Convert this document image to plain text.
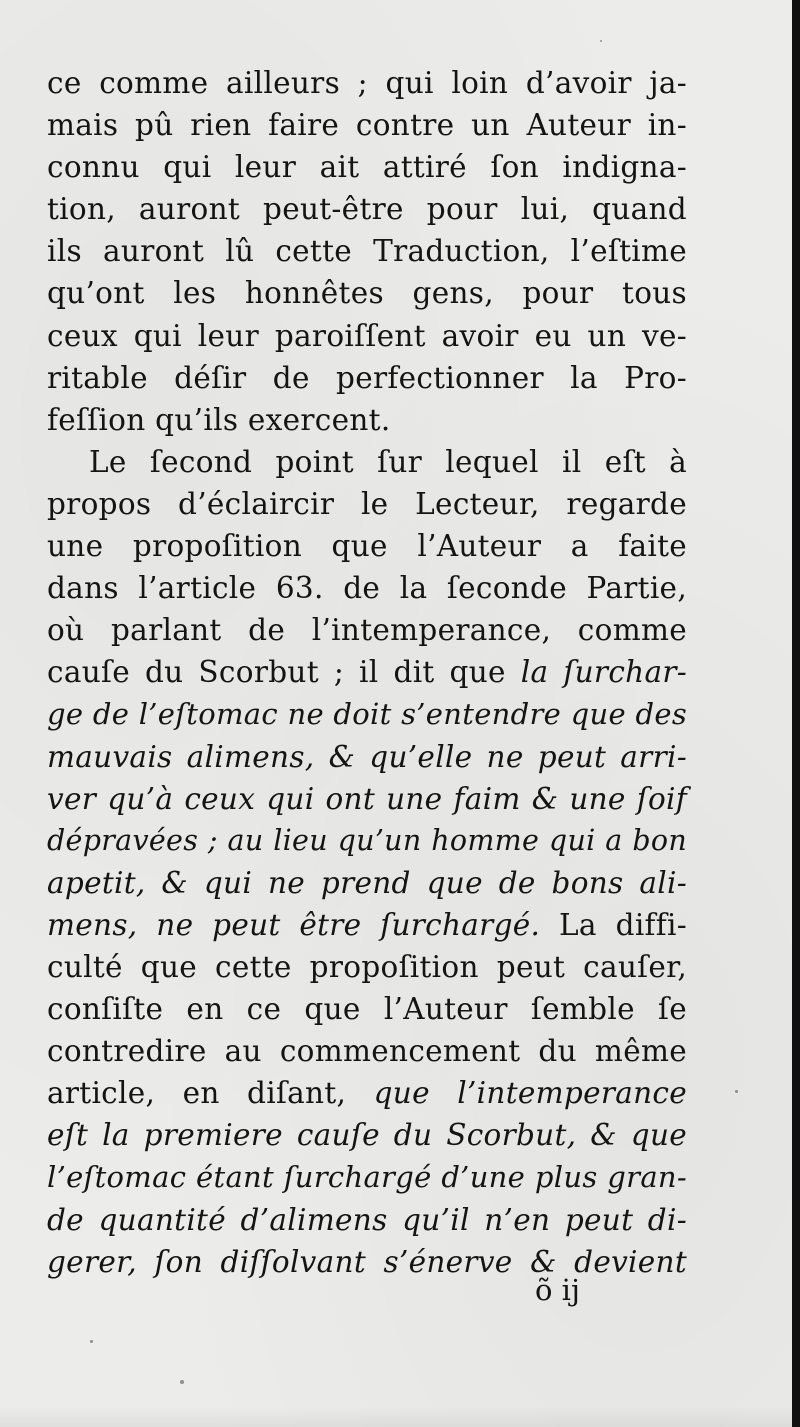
ce comme ailleurs ; qui loin d’avoir ja-
mais pû rien faire contre un Auteur in-
connu qui leur ait attiré ſon indigna-
tion, auront peut-être pour lui, quand
ils auront lû cette Traduction, l’eſtime
qu’ont les honnêtes gens, pour tous
ceux qui leur paroiſſent avoir eu un ve-
ritable déſir de perfectionner la Pro-
feſſion qu’ils exercent.
Le ſecond point ſur lequel il eſt à
propos d’éclaircir le Lecteur, regarde
une propoſition que l’Auteur a faite
dans l’article 63. de la ſeconde Partie,
où parlant de l’intemperance, comme
cauſe du Scorbut ; il dit que la ſurchar-
ge de l’eſtomac ne doit s’entendre que des
mauvais alimens, & qu’elle ne peut arri-
ver qu’à ceux qui ont une faim & une ſoif
dépravées ; au lieu qu’un homme qui a bon
apetit, & qui ne prend que de bons ali-
mens, ne peut être ſurchargé. La diffi-
culté que cette propoſition peut cauſer,
conſiſte en ce que l’Auteur ſemble ſe
contredire au commencement du même
article, en diſant, que l’intemperance
eſt la premiere cauſe du Scorbut, & que
l’eſtomac étant ſurchargé d’une plus gran-
de quantité d’alimens qu’il n’en peut di-
gerer, ſon diſſolvant s’énerve & devient
õ ij
